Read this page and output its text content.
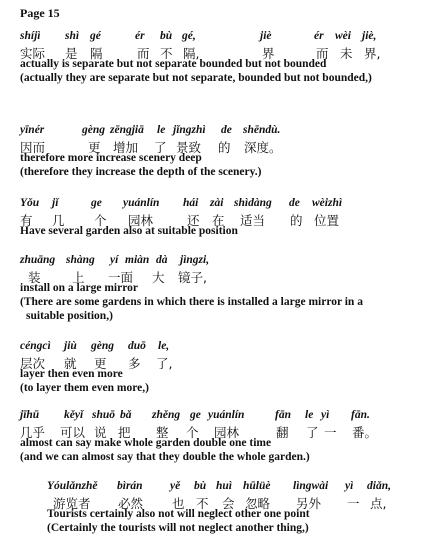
Page 15
shíjì shì gé	ér bù gé,	jiè	ér wèi jiè,
实际 是 隔	而 不 隔,	界	而 未 界,
actually is separate but not separate bounded but not bounded
(actually they are separate but not separate, bounded but not bounded,)
yīnér	gèng zēngjiā le jǐngzhì de shēndù.
因而	更 增加 了 景致 的 深度。
therefore more increase scenery deep
(therefore they increase the depth of the scenery.)
Yǒu jǐ	ge yuánlín hái zài shìdàng de wèizhì
有 几 个 园林	还 在 适当 的 位置
Have several garden also at suitable position
zhuāng shàng yí miàn dà jìngzi,
装	上 一面 大 镜子,
install on a large mirror
(There are some gardens in which there is installed a large mirror in a
suitable position,)
céngcì jiù gèng duō le,
层次 就 更 多 了,
layer then even more
(to layer them even more,)
jīhū kěyǐ shuō bǎ zhěng ge yuánlín	fān le yì fān.
几乎 可以 说 把 整 个 园林	翻 了 一 番。
almost can say make whole garden double one time
(and we can almost say that they double the whole garden.)
Yóulǎnzhě bìrán yě bù huì hūlüè lìngwài yì diǎn,
游览者 必然 也 不 会 忽略 另外 一 点,
Tourists certainly also not will neglect other one point
(Certainly the tourists will not neglect another thing,)
